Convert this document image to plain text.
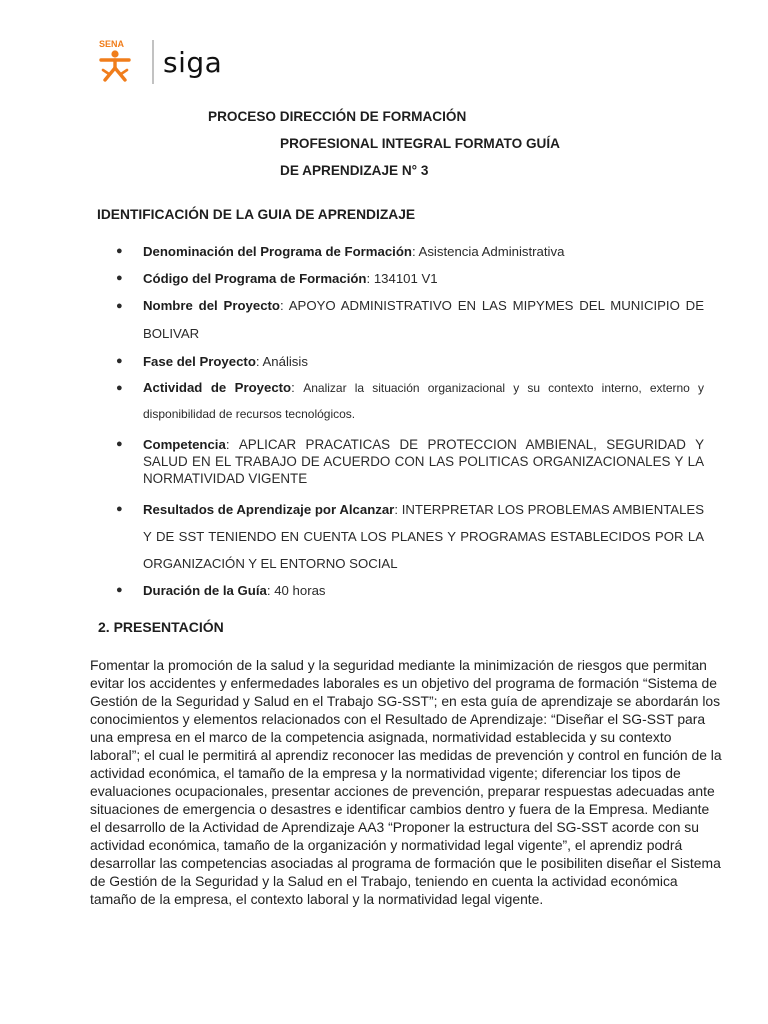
SENA
siga
PROCESO DIRECCIÓN DE FORMACIÓN
PROFESIONAL INTEGRAL FORMATO GUÍA
DE APRENDIZAJE N° 3
IDENTIFICACIÓN DE LA GUIA DE APRENDIZAJE
● Denominación del Programa de Formación: Asistencia Administrativa
● Código del Programa de Formación: 134101 V1
● Nombre del Proyecto: APOYO ADMINISTRATIVO EN LAS MIPYMES DEL MUNICIPIO DE BOLIVAR
● Fase del Proyecto: Análisis
● Actividad de Proyecto: Analizar la situación organizacional y su contexto interno, externo y disponibilidad de recursos tecnológicos.
● Competencia: APLICAR PRACATICAS DE PROTECCION AMBIENAL, SEGURIDAD Y SALUD EN EL TRABAJO DE ACUERDO CON LAS POLITICAS ORGANIZACIONALES Y LA NORMATIVIDAD VIGENTE
● Resultados de Aprendizaje por Alcanzar: INTERPRETAR LOS PROBLEMAS AMBIENTALES Y DE SST TENIENDO EN CUENTA LOS PLANES Y PROGRAMAS ESTABLECIDOS POR LA ORGANIZACIÓN Y EL ENTORNO SOCIAL
● Duración de la Guía: 40 horas
2. PRESENTACIÓN
Fomentar la promoción de la salud y la seguridad mediante la minimización de riesgos que permitan evitar los accidentes y enfermedades laborales es un objetivo del programa de formación “Sistema de Gestión de la Seguridad y Salud en el Trabajo SG-SST”; en esta guía de aprendizaje se abordarán los conocimientos y elementos relacionados con el Resultado de Aprendizaje: “Diseñar el SG-SST para una empresa en el marco de la competencia asignada, normatividad establecida y su contexto laboral”; el cual le permitirá al aprendiz reconocer las medidas de prevención y control en función de la actividad económica, el tamaño de la empresa y la normatividad vigente; diferenciar los tipos de evaluaciones ocupacionales, presentar acciones de prevención, preparar respuestas adecuadas ante situaciones de emergencia o desastres e identificar cambios dentro y fuera de la Empresa. Mediante el desarrollo de la Actividad de Aprendizaje AA3 “Proponer la estructura del SG-SST acorde con su actividad económica, tamaño de la organización y normatividad legal vigente”, el aprendiz podrá desarrollar las competencias asociadas al programa de formación que le posibiliten diseñar el Sistema de Gestión de la Seguridad y la Salud en el Trabajo, teniendo en cuenta la actividad económica tamaño de la empresa, el contexto laboral y la normatividad legal vigente.
